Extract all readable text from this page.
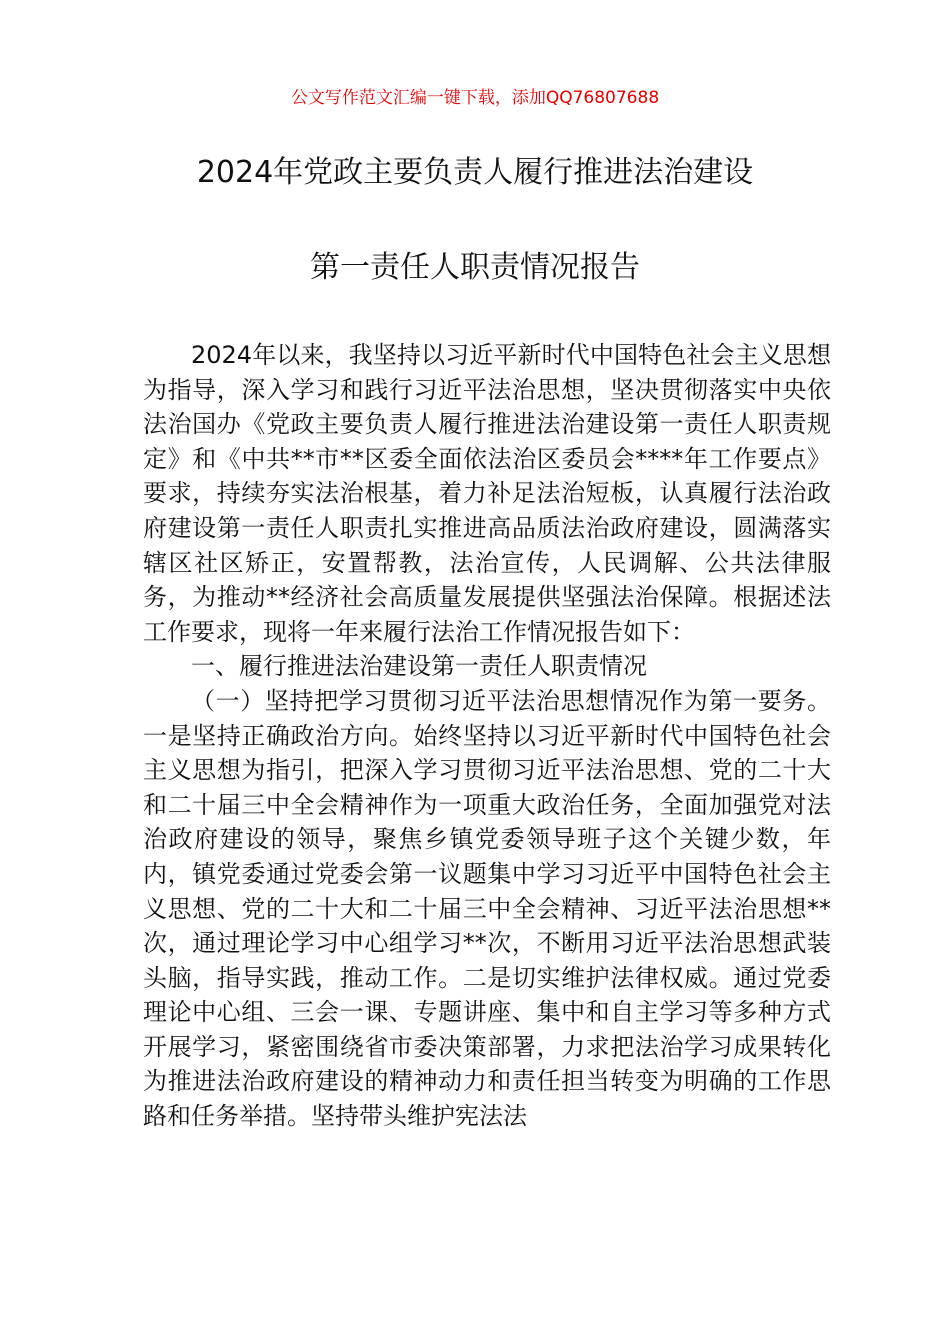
公文写作范文汇编一键下载，添加QQ76807688
2024年党政主要负责人履行推进法治建设
第一责任人职责情况报告

2024年以来，我坚持以习近平新时代中国特色社会主义思想为指导，深入学习和践行习近平法治思想，坚决贯彻落实中央依法治国办《党政主要负责人履行推进法治建设第一责任人职责规定》和《中共**市**区委全面依法治区委员会****年工作要点》要求，持续夯实法治根基，着力补足法治短板，认真履行法治政府建设第一责任人职责扎实推进高品质法治政府建设，圆满落实辖区社区矫正，安置帮教，法治宣传，人民调解、公共法律服务，为推动**经济社会高质量发展提供坚强法治保障。根据述法工作要求，现将一年来履行法治工作情况报告如下：

一、履行推进法治建设第一责任人职责情况

（一）坚持把学习贯彻习近平法治思想情况作为第一要务。一是坚持正确政治方向。始终坚持以习近平新时代中国特色社会主义思想为指引，把深入学习贯彻习近平法治思想、党的二十大和二十届三中全会精神作为一项重大政治任务，全面加强党对法治政府建设的领导，聚焦乡镇党委领导班子这个关键少数，年内，镇党委通过党委会第一议题集中学习习近平中国特色社会主义思想、党的二十大和二十届三中全会精神、习近平法治思想**次，通过理论学习中心组学习**次，不断用习近平法治思想武装头脑，指导实践，推动工作。二是切实维护法律权威。通过党委理论中心组、三会一课、专题讲座、集中和自主学习等多种方式开展学习，紧密围绕省市委决策部署，力求把法治学习成果转化为推进法治政府建设的精神动力和责任担当转变为明确的工作思路和任务举措。坚持带头维护宪法法
